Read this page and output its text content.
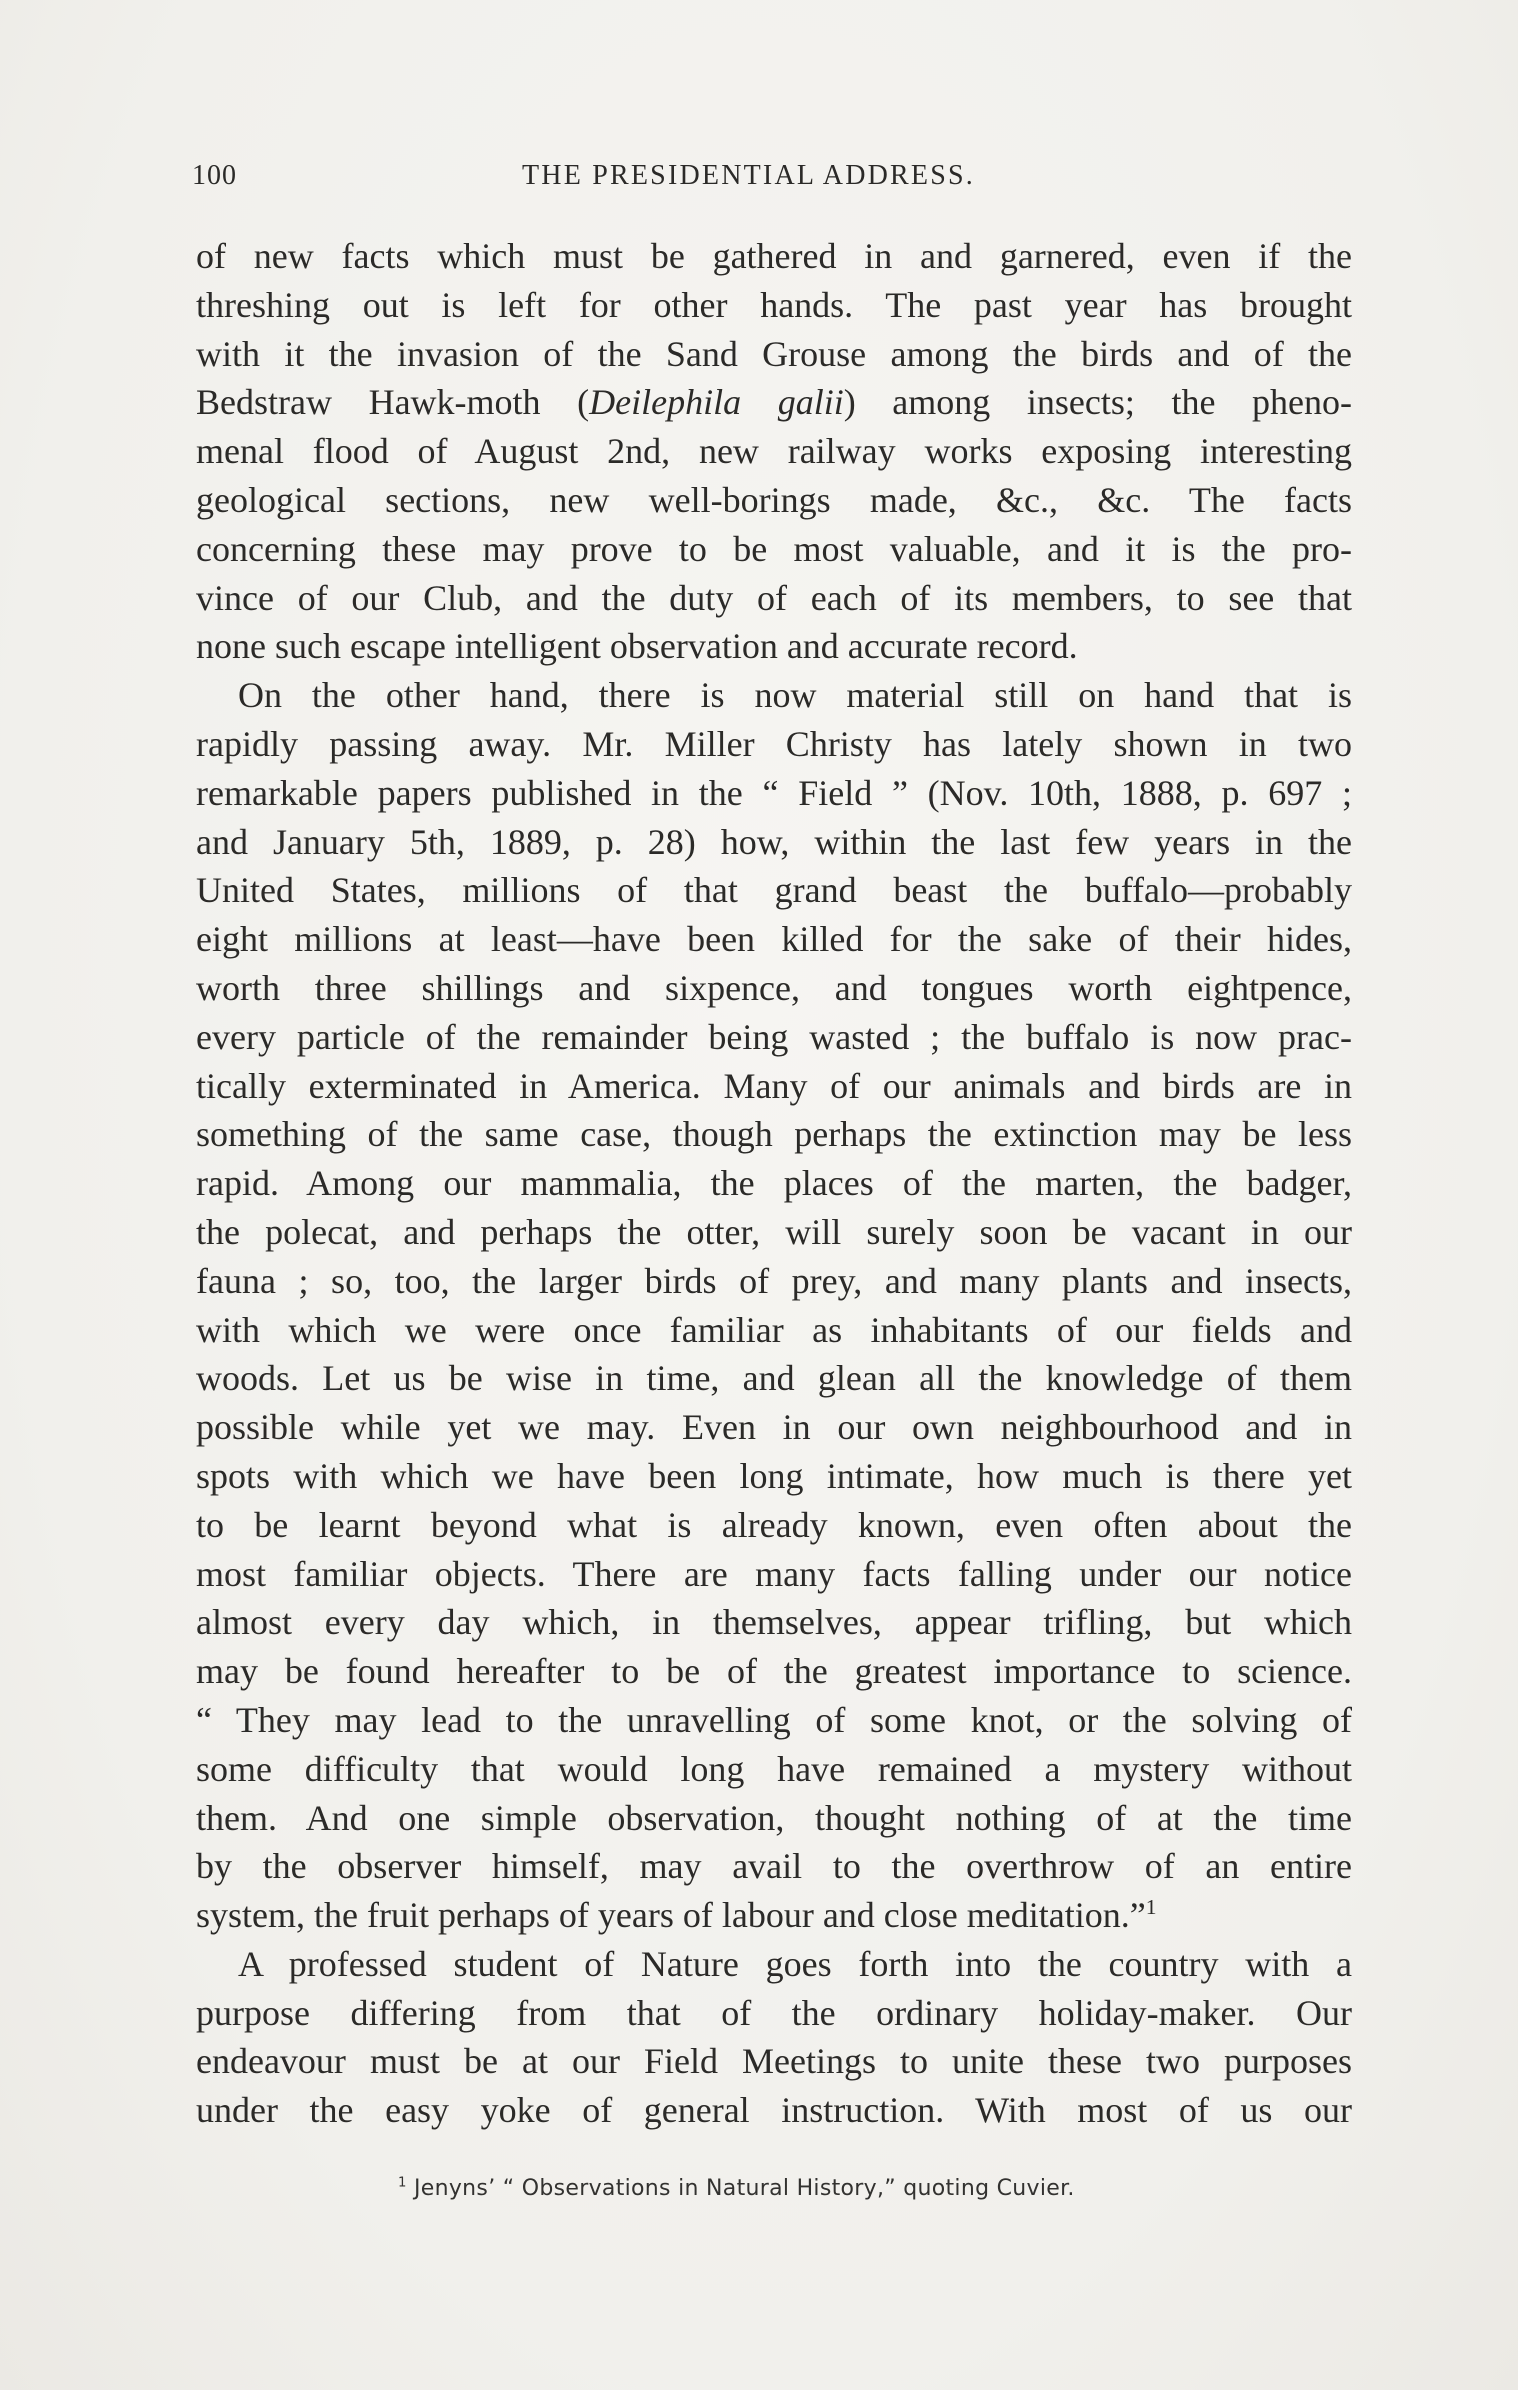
100	THE PRESIDENTIAL ADDRESS.
of new facts which must be gathered in and garnered, even if the
threshing out is left for other hands. The past year has brought
with it the invasion of the Sand Grouse among the birds and of the
Bedstraw Hawk-moth (Deilephila galii) among insects; the pheno-
menal flood of August 2nd, new railway works exposing interesting
geological sections, new well-borings made, &c., &c. The facts
concerning these may prove to be most valuable, and it is the pro-
vince of our Club, and the duty of each of its members, to see that
none such escape intelligent observation and accurate record.
On the other hand, there is now material still on hand that is
rapidly passing away. Mr. Miller Christy has lately shown in two
remarkable papers published in the “ Field ” (Nov. 10th, 1888, p. 697 ;
and January 5th, 1889, p. 28) how, within the last few years in the
United States, millions of that grand beast the buffalo—probably
eight millions at least—have been killed for the sake of their hides,
worth three shillings and sixpence, and tongues worth eightpence,
every particle of the remainder being wasted ; the buffalo is now prac-
tically exterminated in America. Many of our animals and birds are in
something of the same case, though perhaps the extinction may be less
rapid. Among our mammalia, the places of the marten, the badger,
the polecat, and perhaps the otter, will surely soon be vacant in our
fauna ; so, too, the larger birds of prey, and many plants and insects,
with which we were once familiar as inhabitants of our fields and
woods. Let us be wise in time, and glean all the knowledge of them
possible while yet we may. Even in our own neighbourhood and in
spots with which we have been long intimate, how much is there yet
to be learnt beyond what is already known, even often about the
most familiar objects. There are many facts falling under our notice
almost every day which, in themselves, appear trifling, but which
may be found hereafter to be of the greatest importance to science.
“ They may lead to the unravelling of some knot, or the solving of
some difficulty that would long have remained a mystery without
them. And one simple observation, thought nothing of at the time
by the observer himself, may avail to the overthrow of an entire
system, the fruit perhaps of years of labour and close meditation.”$^1$
A professed student of Nature goes forth into the country with a
purpose differing from that of the ordinary holiday-maker. Our
endeavour must be at our Field Meetings to unite these two purposes
under the easy yoke of general instruction. With most of us our
$^1$ Jenyns’ “ Observations in Natural History,” quoting Cuvier.
